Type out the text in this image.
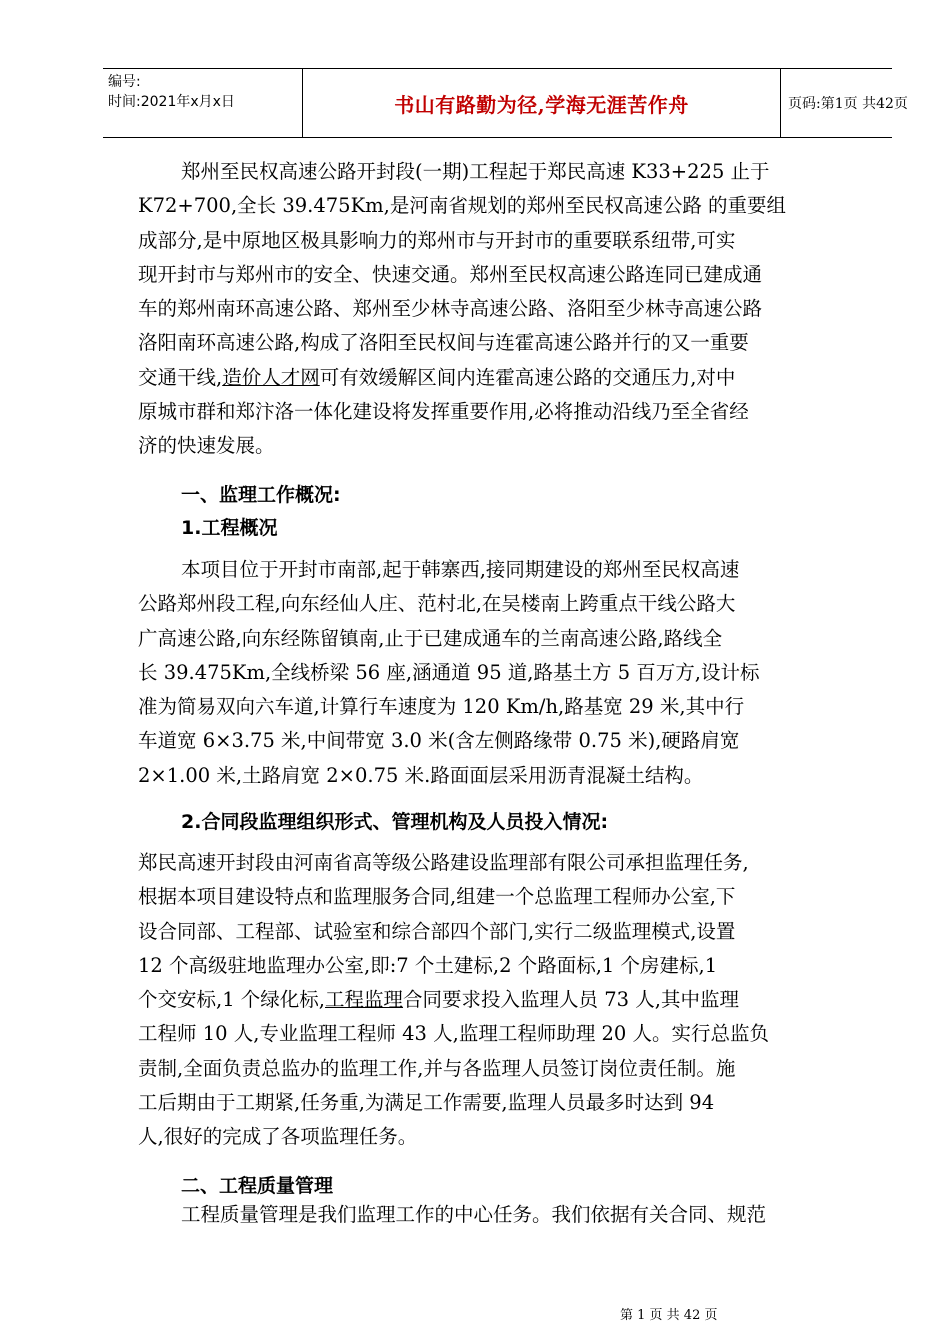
编号:
时间:2021年x月x日	书山有路勤为径,学海无涯苦作舟	页码:第1页 共42页
郑州至民权高速公路开封段(一期)工程起于郑民高速 K33+225 止于
K72+700,全长 39.475Km,是河南省规划的郑州至民权高速公路 的重要组
成部分,是中原地区极具影响力的郑州市与开封市的重要联系纽带,可实
现开封市与郑州市的安全、快速交通。郑州至民权高速公路连同已建成通
车的郑州南环高速公路、郑州至少林寺高速公路、洛阳至少林寺高速公路
洛阳南环高速公路,构成了洛阳至民权间与连霍高速公路并行的又一重要
交通干线,造价人才网可有效缓解区间内连霍高速公路的交通压力,对中
原城市群和郑汴洛一体化建设将发挥重要作用,必将推动沿线乃至全省经
济的快速发展。
一、监理工作概况:
1.工程概况
本项目位于开封市南部,起于韩寨西,接同期建设的郑州至民权高速
公路郑州段工程,向东经仙人庄、范村北,在吴楼南上跨重点干线公路大
广高速公路,向东经陈留镇南,止于已建成通车的兰南高速公路,路线全
长 39.475Km,全线桥梁 56 座,涵通道 95 道,路基土方 5 百万方,设计标
准为简易双向六车道,计算行车速度为 120 Km/h,路基宽 29 米,其中行
车道宽 6×3.75 米,中间带宽 3.0 米(含左侧路缘带 0.75 米),硬路肩宽
2×1.00 米,土路肩宽 2×0.75 米.路面面层采用沥青混凝土结构。
2.合同段监理组织形式、管理机构及人员投入情况:
郑民高速开封段由河南省高等级公路建设监理部有限公司承担监理任务,
根据本项目建设特点和监理服务合同,组建一个总监理工程师办公室,下
设合同部、工程部、试验室和综合部四个部门,实行二级监理模式,设置
12 个高级驻地监理办公室,即:7 个土建标,2 个路面标,1 个房建标,1
个交安标,1 个绿化标,工程监理合同要求投入监理人员 73 人,其中监理
工程师 10 人,专业监理工程师 43 人,监理工程师助理 20 人。实行总监负
责制,全面负责总监办的监理工作,并与各监理人员签订岗位责任制。施
工后期由于工期紧,任务重,为满足工作需要,监理人员最多时达到 94
人,很好的完成了各项监理任务。
二、工程质量管理
工程质量管理是我们监理工作的中心任务。我们依据有关合同、规范
第 1 页 共 42 页
